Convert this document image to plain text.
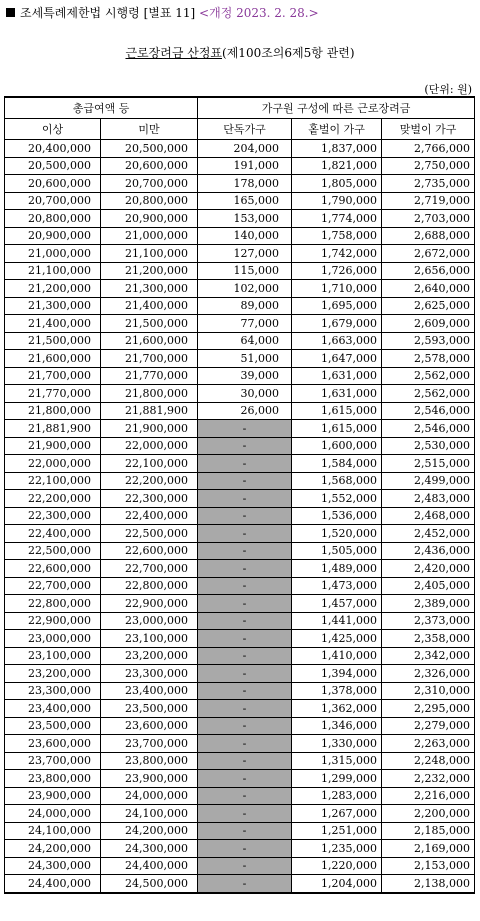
조세특례제한법 시행령 [별표 11] <개정 2023. 2. 28.>
근로장려금 산정표(제100조의6제5항 관련)
(단위: 원)
총급여액 등		가구원 구성에 따른 근로장려금		
이상	미만	단독가구	홑벌이 가구	맞벌이 가구
20,400,000	20,500,000	204,000	1,837,000	2,766,000
20,500,000	20,600,000	191,000	1,821,000	2,750,000
20,600,000	20,700,000	178,000	1,805,000	2,735,000
20,700,000	20,800,000	165,000	1,790,000	2,719,000
20,800,000	20,900,000	153,000	1,774,000	2,703,000
20,900,000	21,000,000	140,000	1,758,000	2,688,000
21,000,000	21,100,000	127,000	1,742,000	2,672,000
21,100,000	21,200,000	115,000	1,726,000	2,656,000
21,200,000	21,300,000	102,000	1,710,000	2,640,000
21,300,000	21,400,000	89,000	1,695,000	2,625,000
21,400,000	21,500,000	77,000	1,679,000	2,609,000
21,500,000	21,600,000	64,000	1,663,000	2,593,000
21,600,000	21,700,000	51,000	1,647,000	2,578,000
21,700,000	21,770,000	39,000	1,631,000	2,562,000
21,770,000	21,800,000	30,000	1,631,000	2,562,000
21,800,000	21,881,900	26,000	1,615,000	2,546,000
21,881,900	21,900,000	-	1,615,000	2,546,000
21,900,000	22,000,000	-	1,600,000	2,530,000
22,000,000	22,100,000	-	1,584,000	2,515,000
22,100,000	22,200,000	-	1,568,000	2,499,000
22,200,000	22,300,000	-	1,552,000	2,483,000
22,300,000	22,400,000	-	1,536,000	2,468,000
22,400,000	22,500,000	-	1,520,000	2,452,000
22,500,000	22,600,000	-	1,505,000	2,436,000
22,600,000	22,700,000	-	1,489,000	2,420,000
22,700,000	22,800,000	-	1,473,000	2,405,000
22,800,000	22,900,000	-	1,457,000	2,389,000
22,900,000	23,000,000	-	1,441,000	2,373,000
23,000,000	23,100,000	-	1,425,000	2,358,000
23,100,000	23,200,000	-	1,410,000	2,342,000
23,200,000	23,300,000	-	1,394,000	2,326,000
23,300,000	23,400,000	-	1,378,000	2,310,000
23,400,000	23,500,000	-	1,362,000	2,295,000
23,500,000	23,600,000	-	1,346,000	2,279,000
23,600,000	23,700,000	-	1,330,000	2,263,000
23,700,000	23,800,000	-	1,315,000	2,248,000
23,800,000	23,900,000	-	1,299,000	2,232,000
23,900,000	24,000,000	-	1,283,000	2,216,000
24,000,000	24,100,000	-	1,267,000	2,200,000
24,100,000	24,200,000	-	1,251,000	2,185,000
24,200,000	24,300,000	-	1,235,000	2,169,000
24,300,000	24,400,000	-	1,220,000	2,153,000
24,400,000	24,500,000	-	1,204,000	2,138,000
